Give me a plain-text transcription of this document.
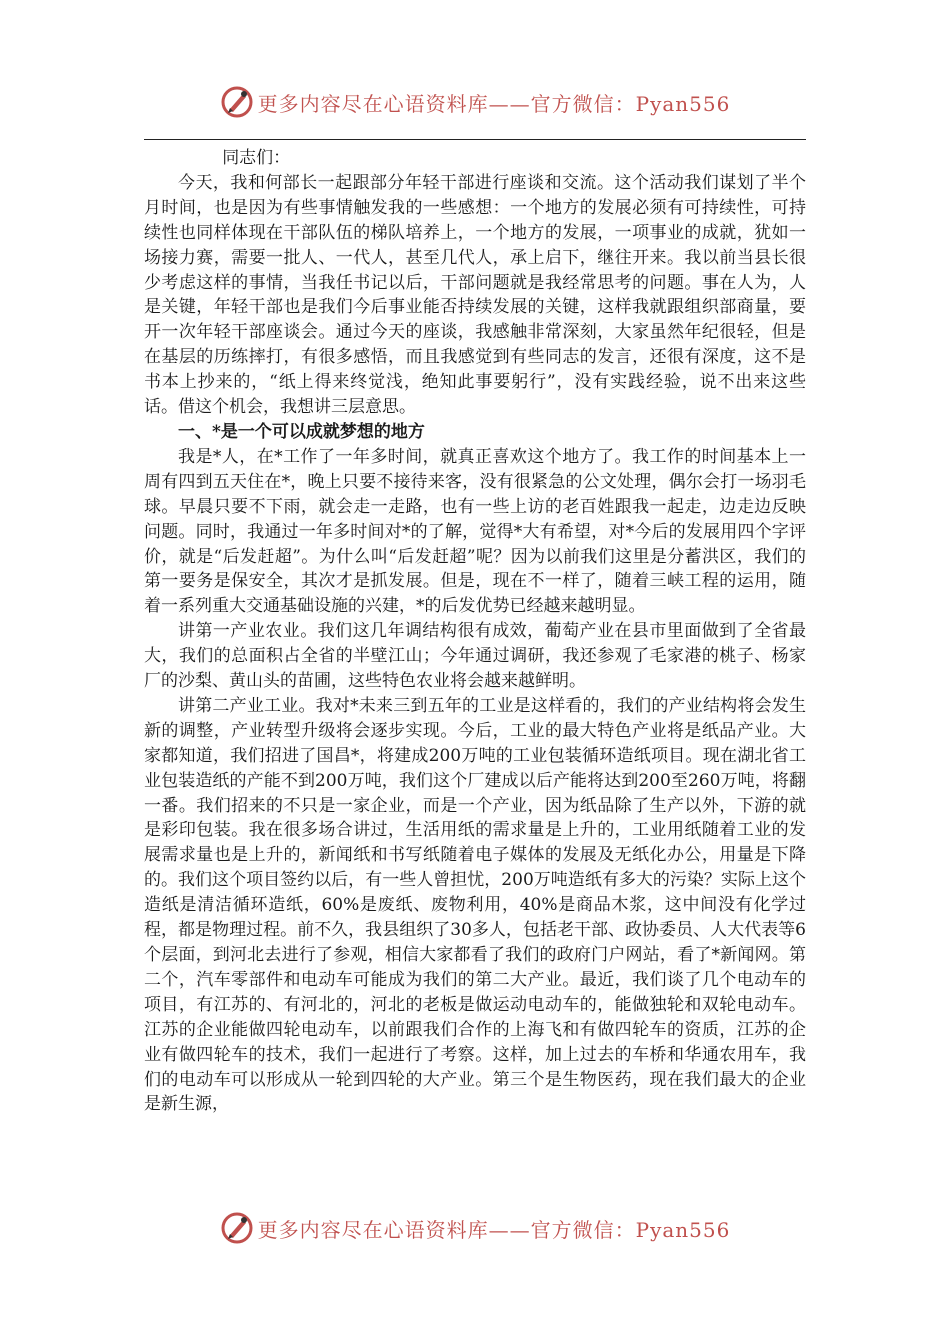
更多内容尽在心语资料库——官方微信：Pyan556

同志们：

今天，我和何部长一起跟部分年轻干部进行座谈和交流。这个活动我们谋划了半个月时间，也是因为有些事情触发我的一些感想：一个地方的发展必须有可持续性，可持续性也同样体现在干部队伍的梯队培养上，一个地方的发展，一项事业的成就，犹如一场接力赛，需要一批人、一代人，甚至几代人，承上启下，继往开来。我以前当县长很少考虑这样的事情，当我任书记以后，干部问题就是我经常思考的问题。事在人为，人是关键，年轻干部也是我们今后事业能否持续发展的关键，这样我就跟组织部商量，要开一次年轻干部座谈会。通过今天的座谈，我感触非常深刻，大家虽然年纪很轻，但是在基层的历练摔打，有很多感悟，而且我感觉到有些同志的发言，还很有深度，这不是书本上抄来的，“纸上得来终觉浅，绝知此事要躬行”，没有实践经验，说不出来这些话。借这个机会，我想讲三层意思。

一、*是一个可以成就梦想的地方

我是*人，在*工作了一年多时间，就真正喜欢这个地方了。我工作的时间基本上一周有四到五天住在*，晚上只要不接待来客，没有很紧急的公文处理，偶尔会打一场羽毛球。早晨只要不下雨，就会走一走路，也有一些上访的老百姓跟我一起走，边走边反映问题。同时，我通过一年多时间对*的了解，觉得*大有希望，对*今后的发展用四个字评价，就是“后发赶超”。为什么叫“后发赶超”呢？因为以前我们这里是分蓄洪区，我们的第一要务是保安全，其次才是抓发展。但是，现在不一样了，随着三峡工程的运用，随着一系列重大交通基础设施的兴建，*的后发优势已经越来越明显。

讲第一产业农业。我们这几年调结构很有成效，葡萄产业在县市里面做到了全省最大，我们的总面积占全省的半壁江山；今年通过调研，我还参观了毛家港的桃子、杨家厂的沙梨、黄山头的苗圃，这些特色农业将会越来越鲜明。

讲第二产业工业。我对*未来三到五年的工业是这样看的，我们的产业结构将会发生新的调整，产业转型升级将会逐步实现。今后，工业的最大特色产业将是纸品产业。大家都知道，我们招进了国昌*，将建成200万吨的工业包装循环造纸项目。现在湖北省工业包装造纸的产能不到200万吨，我们这个厂建成以后产能将达到200至260万吨，将翻一番。我们招来的不只是一家企业，而是一个产业，因为纸品除了生产以外，下游的就是彩印包装。我在很多场合讲过，生活用纸的需求量是上升的，工业用纸随着工业的发展需求量也是上升的，新闻纸和书写纸随着电子媒体的发展及无纸化办公，用量是下降的。我们这个项目签约以后，有一些人曾担忧，200万吨造纸有多大的污染？实际上这个造纸是清洁循环造纸，60%是废纸、废物利用，40%是商品木浆，这中间没有化学过程，都是物理过程。前不久，我县组织了30多人，包括老干部、政协委员、人大代表等6个层面，到河北去进行了参观，相信大家都看了我们的政府门户网站，看了*新闻网。第二个，汽车零部件和电动车可能成为我们的第二大产业。最近，我们谈了几个电动车的项目，有江苏的、有河北的，河北的老板是做运动电动车的，能做独轮和双轮电动车。江苏的企业能做四轮电动车，以前跟我们合作的上海飞和有做四轮车的资质，江苏的企业有做四轮车的技术，我们一起进行了考察。这样，加上过去的车桥和华通农用车，我们的电动车可以形成从一轮到四轮的大产业。第三个是生物医药，现在我们最大的企业是新生源，

更多内容尽在心语资料库——官方微信：Pyan556
